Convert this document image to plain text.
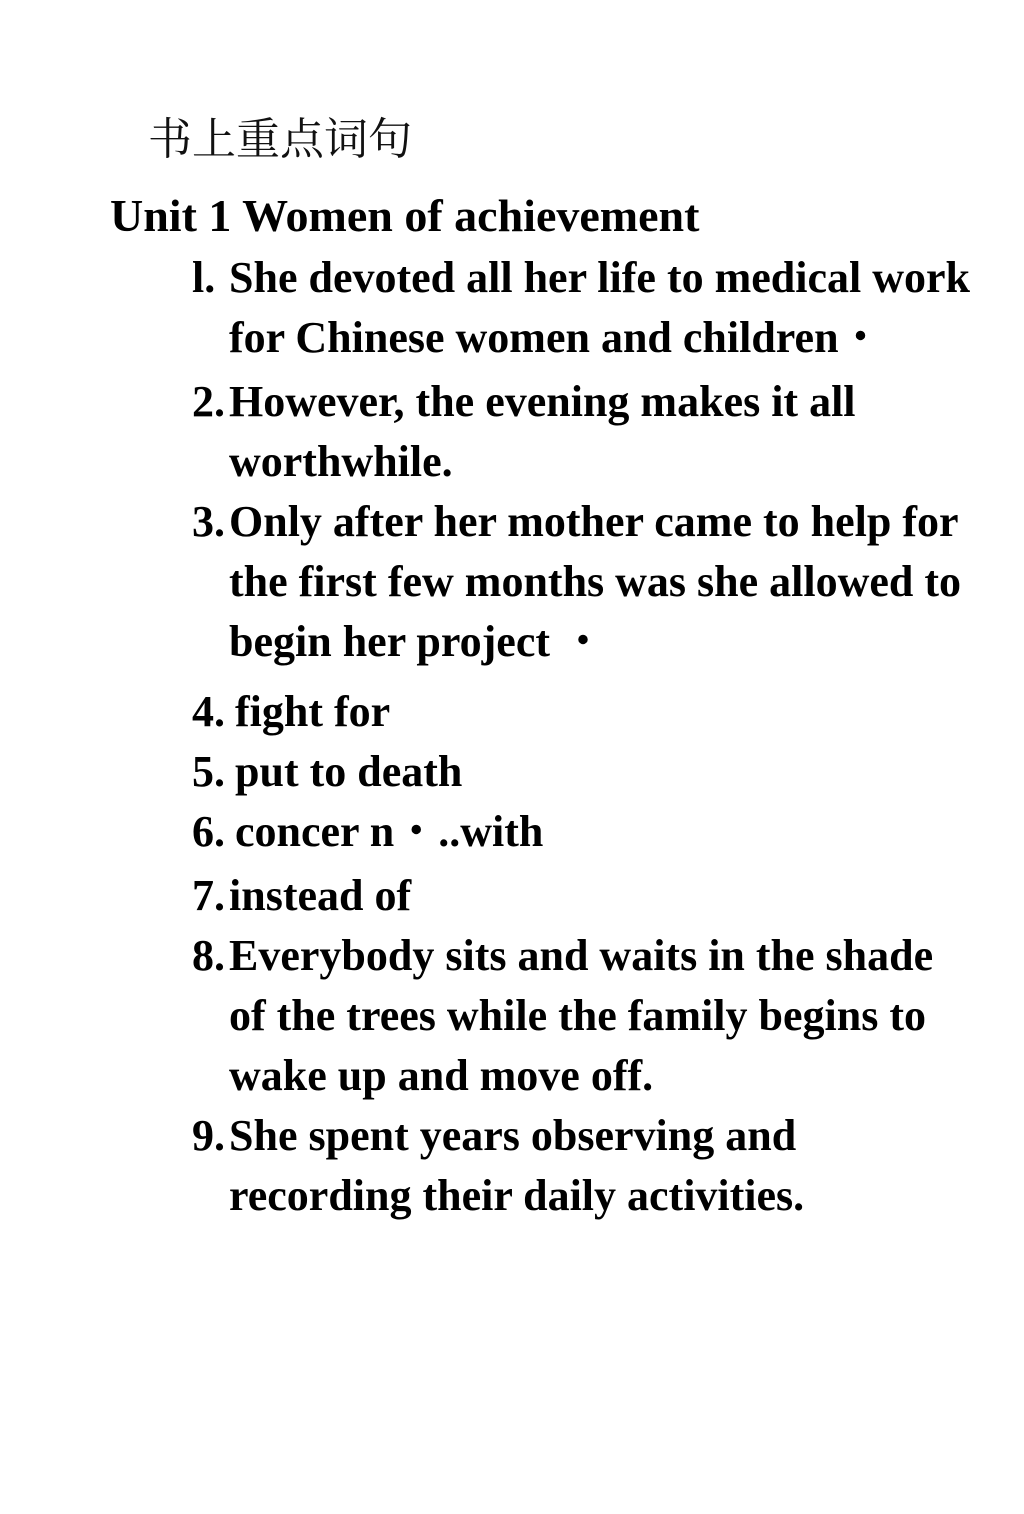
书上重点词句
Unit 1 Women of achievement
l. She devoted all her life to medical work for Chinese women and children・
2. However, the evening makes it all worthwhile.
3. Only after her mother came to help for the first few months was she allowed to begin her project ・
4. fight for
5. put to death
6. concer n・..with
7. instead of
8. Everybody sits and waits in the shade of the trees while the family begins to wake up and move off.
9. She spent years observing and recording their daily activities.
